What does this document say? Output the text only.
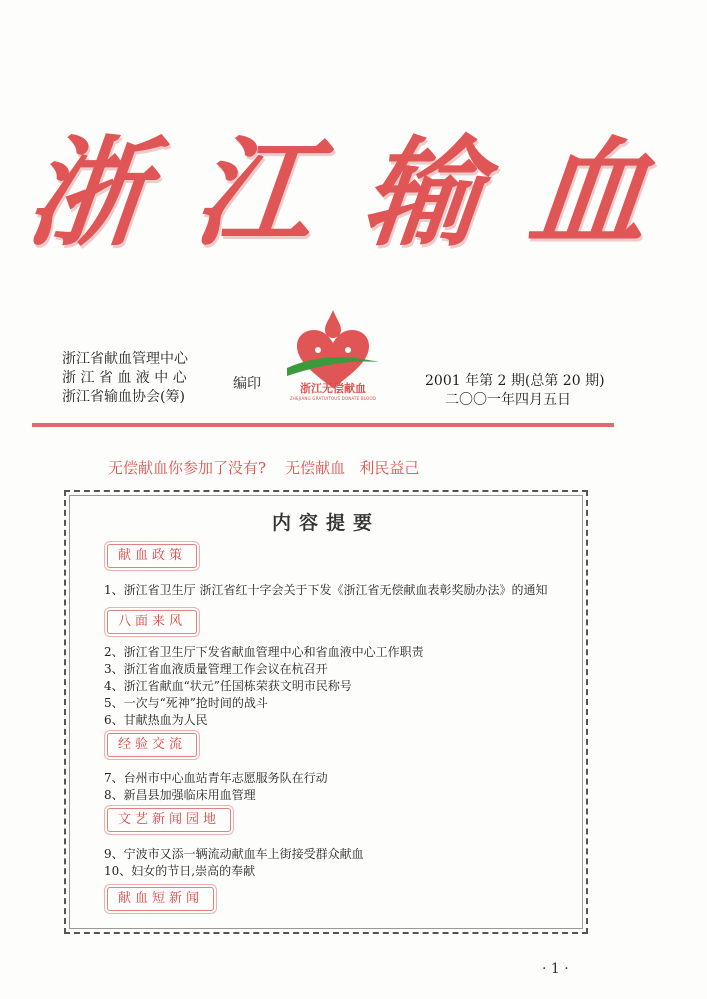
浙 江 输 血
浙江无偿献血
ZHEJIANG GRATUITOUS DONATE BLOOD
浙江省献血管理中心
浙 江 省 血 液 中 心
浙江省输血协会(筹)
编印	2001 年第 2 期(总第 20 期)
二〇〇一年四月五日
无偿献血你参加了没有?    无偿献血   利民益己
内容提要
献血政策
1、浙江省卫生厅 浙江省红十字会关于下发《浙江省无偿献血表彰奖励办法》的通知
八面来风
2、浙江省卫生厅下发省献血管理中心和省血液中心工作职责
3、浙江省血液质量管理工作会议在杭召开
4、浙江省献血“状元”任国栋荣获文明市民称号
5、一次与“死神”抢时间的战斗
6、甘献热血为人民
经验交流
7、台州市中心血站青年志愿服务队在行动
8、新昌县加强临床用血管理
文艺新闻园地
9、宁波市又添一辆流动献血车上街接受群众献血
10、妇女的节日,崇高的奉献
献血短新闻
· 1 ·
